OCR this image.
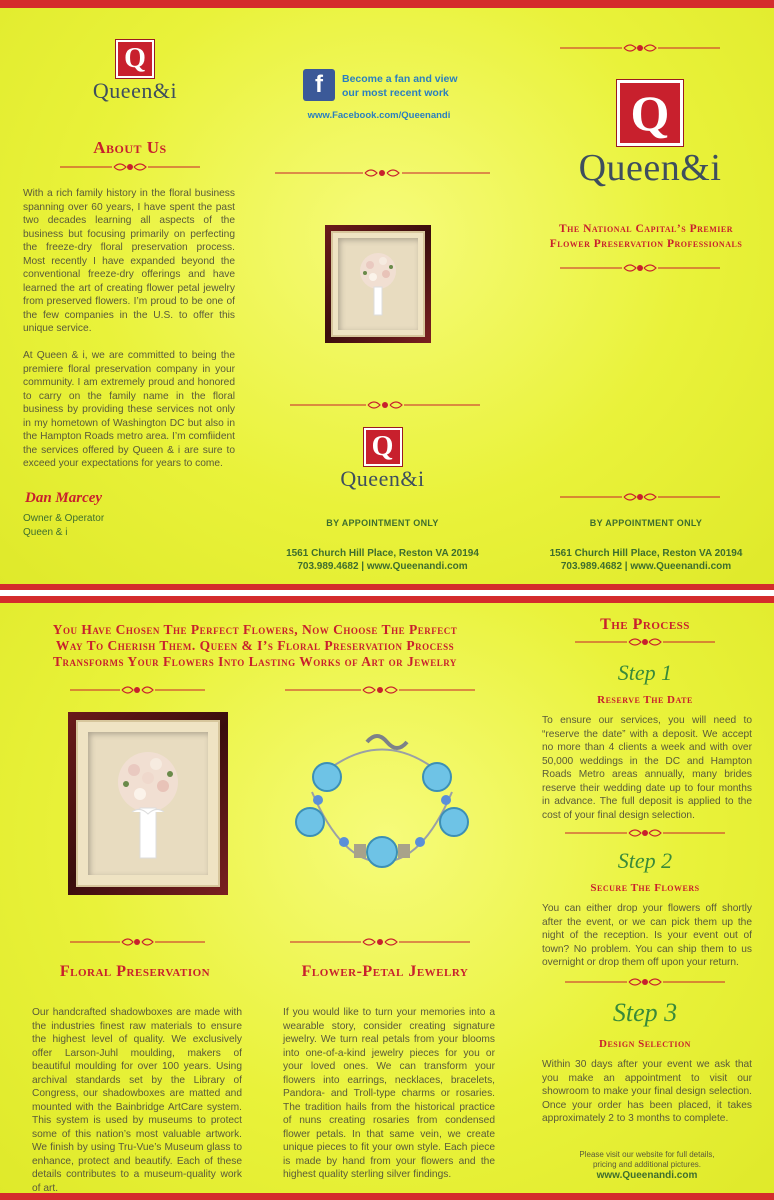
Q
Queen&i
About Us
With a rich family history in the floral business spanning over 60 years, I have spent the past two decades learning all aspects of the business but focusing primarily on perfecting the freeze-dry floral preservation process. Most recently I have expanded beyond the conventional freeze-dry offerings and have learned the art of creating flower petal jewelry from preserved flowers. I’m proud to be one of the few companies in the U.S. to offer this unique service.
At Queen & i, we are committed to being the premiere floral preservation company in your community. I am extremely proud and honored to carry on the family name in the floral business by providing these services not only in my hometown of Washington DC but also in the Hampton Roads metro area. I’m comfiident the services offered by Queen & i are sure to exceed your expectations for years to come.
Dan Marcey
Owner & Operator
Queen & i
f	Become a fan and view
our most recent work
www.Facebook.com/Queenandi
Q
Queen&i
BY APPOINTMENT ONLY
1561 Church Hill Place, Reston VA 20194
703.989.4682 | www.Queenandi.com
Q
Queen&i
The National Capital’s Premier
Flower Preservation Professionals
BY APPOINTMENT ONLY
1561 Church Hill Place, Reston VA 20194
703.989.4682 | www.Queenandi.com
You Have Chosen The Perfect Flowers, Now Choose The Perfect
Way To Cherish Them. Queen & I’s Floral Preservation Process
Transforms Your Flowers Into Lasting Works of Art or Jewelry
Floral Preservation
Our handcrafted shadowboxes are made with the industries finest raw materials to ensure the highest level of quality. We exclusively offer Larson-Juhl moulding, makers of beautiful moulding for over 100 years. Using archival standards set by the Library of Congress, our shadowboxes are matted and mounted with the Bainbridge ArtCare system. This system is used by museums to protect some of this nation’s most valuable artwork. We finish by using Tru-Vue’s Museum glass to enhance, protect and beautify. Each of these details contributes to a museum-quality work of art.
Flower-Petal Jewelry
If you would like to turn your memories into a wearable story, consider creating signature jewelry. We turn real petals from your blooms into one-of-a-kind jewelry pieces for you or your loved ones. We can transform your flowers into earrings, necklaces, bracelets, Pandora- and Troll-type charms or rosaries. The tradition hails from the historical practice of nuns creating rosaries from condensed flower petals. In that same vein, we create unique pieces to fit your own style. Each piece is made by hand from your flowers and the highest quality sterling silver findings.
The Process
Step 1
Reserve The Date
To ensure our services, you will need to “reserve the date” with a deposit. We accept no more than 4 clients a week and with over 50,000 weddings in the DC and Hampton Roads Metro areas annually, many brides reserve their wedding date up to four months in advance. The full deposit is applied to the cost of your final design selection.
Step 2
Secure The Flowers
You can either drop your flowers off shortly after the event, or we can pick them up the night of the reception. Is your event out of town? No problem. You can ship them to us overnight or drop them off upon your return.
Step 3
Design Selection
Within 30 days after your event we ask that you make an appointment to visit our showroom to make your final design selection. Once your order has been placed, it takes approximately 2 to 3 months to complete.
Please visit our website for full details,
pricing and additional pictures.
www.Queenandi.com
